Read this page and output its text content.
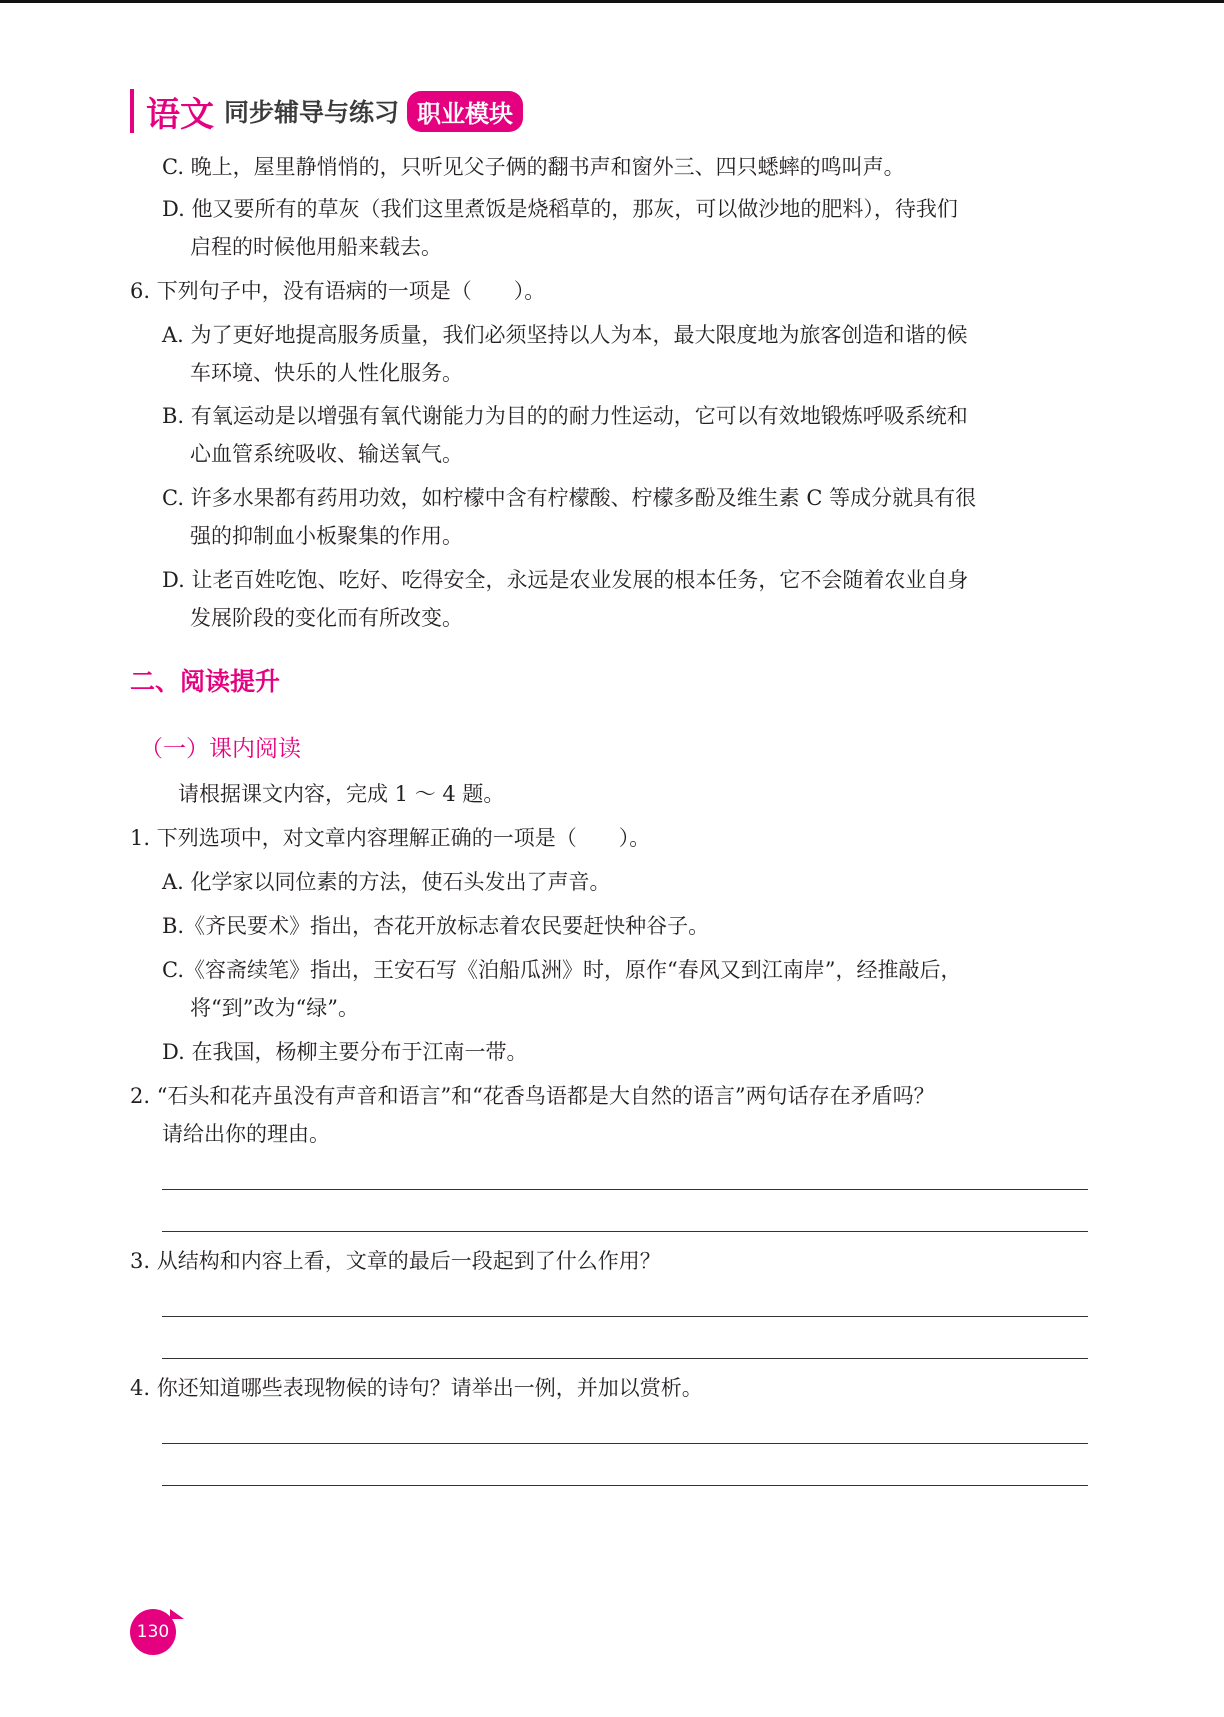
语文 同步辅导与练习 职业模块
C. 晚上，屋里静悄悄的，只听见父子俩的翻书声和窗外三、四只蟋蟀的鸣叫声。
D. 他又要所有的草灰（我们这里煮饭是烧稻草的，那灰，可以做沙地的肥料），待我们
启程的时候他用船来载去。
6. 下列句子中，没有语病的一项是（　　）。
A. 为了更好地提高服务质量，我们必须坚持以人为本，最大限度地为旅客创造和谐的候
车环境、快乐的人性化服务。
B. 有氧运动是以增强有氧代谢能力为目的的耐力性运动，它可以有效地锻炼呼吸系统和
心血管系统吸收、输送氧气。
C. 许多水果都有药用功效，如柠檬中含有柠檬酸、柠檬多酚及维生素 C 等成分就具有很
强的抑制血小板聚集的作用。
D. 让老百姓吃饱、吃好、吃得安全，永远是农业发展的根本任务，它不会随着农业自身
发展阶段的变化而有所改变。
二、阅读提升
（一）课内阅读
请根据课文内容，完成 1 ～ 4 题。
1. 下列选项中，对文章内容理解正确的一项是（　　）。
A. 化学家以同位素的方法，使石头发出了声音。
B.《齐民要术》指出，杏花开放标志着农民要赶快种谷子。
C.《容斋续笔》指出，王安石写《泊船瓜洲》时，原作“春风又到江南岸”，经推敲后，
将“到”改为“绿”。
D. 在我国，杨柳主要分布于江南一带。
2. “石头和花卉虽没有声音和语言”和“花香鸟语都是大自然的语言”两句话存在矛盾吗？
请给出你的理由。
3. 从结构和内容上看，文章的最后一段起到了什么作用？
4. 你还知道哪些表现物候的诗句？请举出一例，并加以赏析。
130
